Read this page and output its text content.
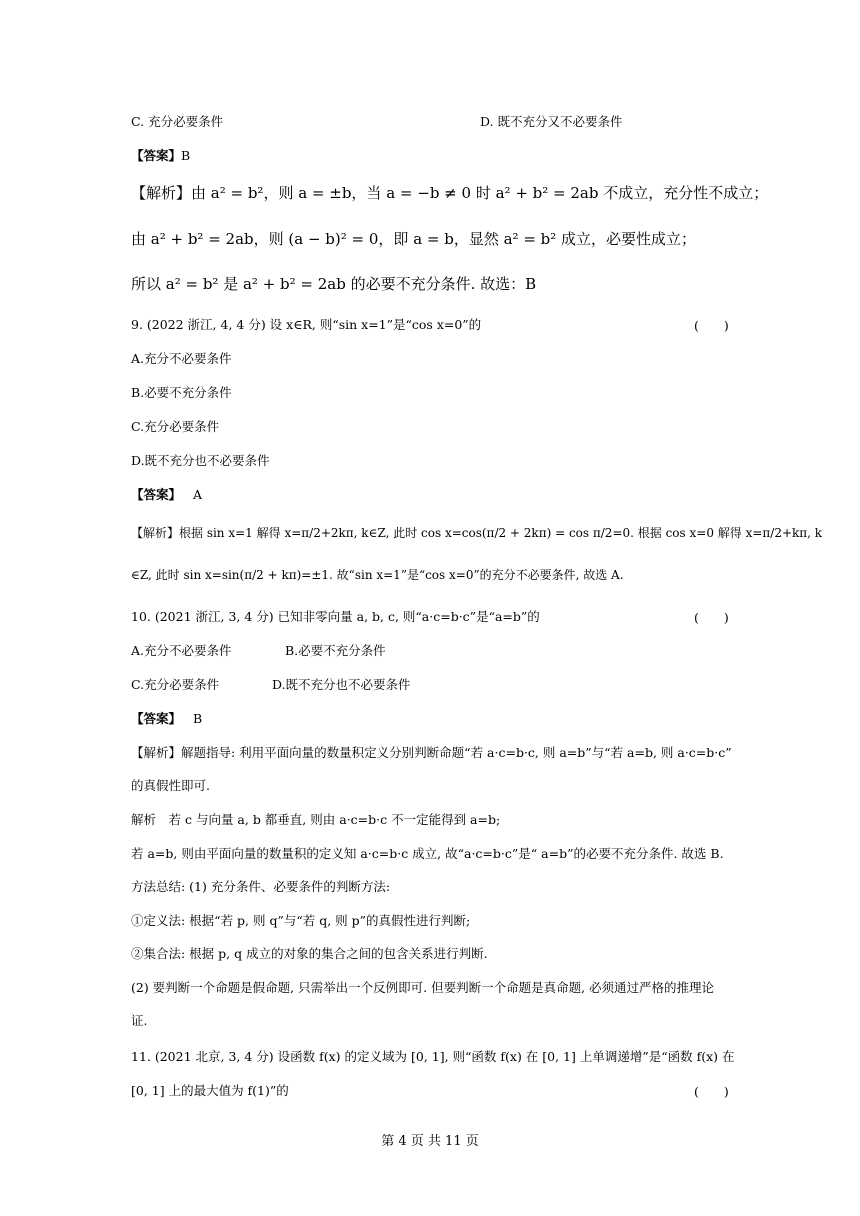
C. 充分必要条件	D. 既不充分又不必要条件
【答案】B
【解析】由 a² = b²，则 a = ±b，当 a = −b ≠ 0 时 a² + b² = 2ab 不成立，充分性不成立；
由 a² + b² = 2ab，则 (a − b)² = 0，即 a = b，显然 a² = b² 成立，必要性成立；
所以 a² = b² 是 a² + b² = 2ab 的必要不充分条件. 故选：B
9. (2022 浙江, 4, 4 分) 设 x∈R, 则“sin x=1”是“cos x=0”的	(　　)
A.充分不必要条件
B.必要不充分条件
C.充分必要条件
D.既不充分也不必要条件
【答案】 A
【解析】根据 sin x=1 解得 x=π/2+2kπ, k∈Z, 此时 cos x=cos(π/2 + 2kπ) = cos π/2=0. 根据 cos x=0 解得 x=π/2+kπ, k
∈Z, 此时 sin x=sin(π/2 + kπ)=±1. 故“sin x=1”是“cos x=0”的充分不必要条件, 故选 A.
10. (2021 浙江, 3, 4 分) 已知非零向量 a, b, c, 则“a·c=b·c”是“a=b”的	(　　)
A.充分不必要条件	B.必要不充分条件
C.充分必要条件	D.既不充分也不必要条件
【答案】 B
【解析】解题指导: 利用平面向量的数量积定义分别判断命题“若 a·c=b·c, 则 a=b”与“若 a=b, 则 a·c=b·c”
的真假性即可.
解析　若 c 与向量 a, b 都垂直, 则由 a·c=b·c 不一定能得到 a=b;
若 a=b, 则由平面向量的数量积的定义知 a·c=b·c 成立, 故“a·c=b·c”是“ a=b”的必要不充分条件. 故选 B.
方法总结: (1) 充分条件、必要条件的判断方法:
①定义法: 根据“若 p, 则 q”与“若 q, 则 p”的真假性进行判断;
②集合法: 根据 p, q 成立的对象的集合之间的包含关系进行判断.
(2) 要判断一个命题是假命题, 只需举出一个反例即可. 但要判断一个命题是真命题, 必须通过严格的推理论
证.
11. (2021 北京, 3, 4 分) 设函数 f(x) 的定义域为 [0, 1], 则“函数 f(x) 在 [0, 1] 上单调递增”是“函数 f(x) 在
[0, 1] 上的最大值为 f(1)”的	(　　)
第 4 页 共 11 页
